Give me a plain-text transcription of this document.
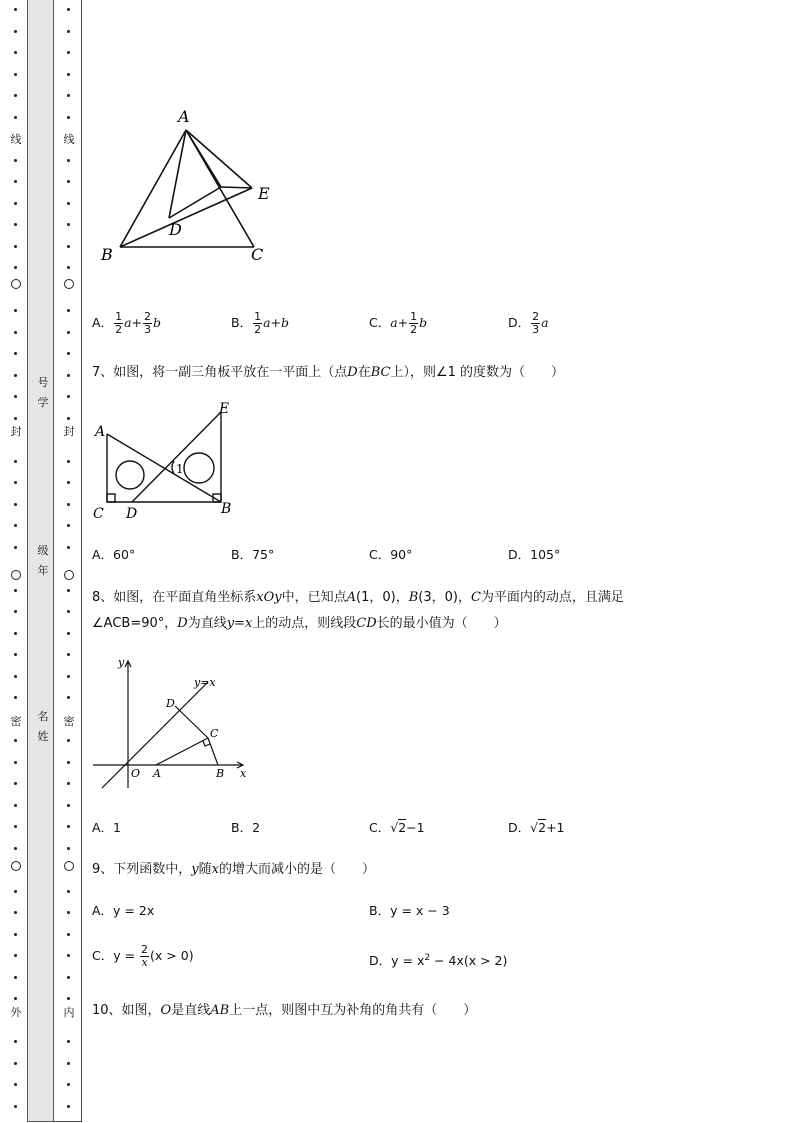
线
封
密
外
线
封
密
内
号
学
级
年
名
姓
A
B	C
D
E
A． $\frac{1}{2} a+ \frac{2}{3}$ b	B． $\frac{1}{2} a+b$	C．$a+ \frac{1}{2}$ b	D． $\frac{2}{3}$ a
7、如图，将一副三角板平放在一平面上（点D在BC上），则∠1 的度数为（　　）
A
E
1
C D	B
A．60°	B．75°	C．90°	D．105°
8、如图，在平面直角坐标系xOy中，已知点A(1，0)，B(3，0)，C为平面内的动点，且满足
∠ACB=90°，D为直线y=x上的动点，则线段CD长的最小值为（　　）
y
y=x
D
C
O A	B x
A．1	B．2	C．√2−1	D．√2+1
9、下列函数中，y随x的增大而减小的是（　　）
A．y = 2x	B．y = x − 3
C．$y = \frac{2}{x} (x > 0)$	D．$y = x^2 - 4x(x > 2)$
10、如图，O是直线AB上一点，则图中互为补角的角共有（　　）
